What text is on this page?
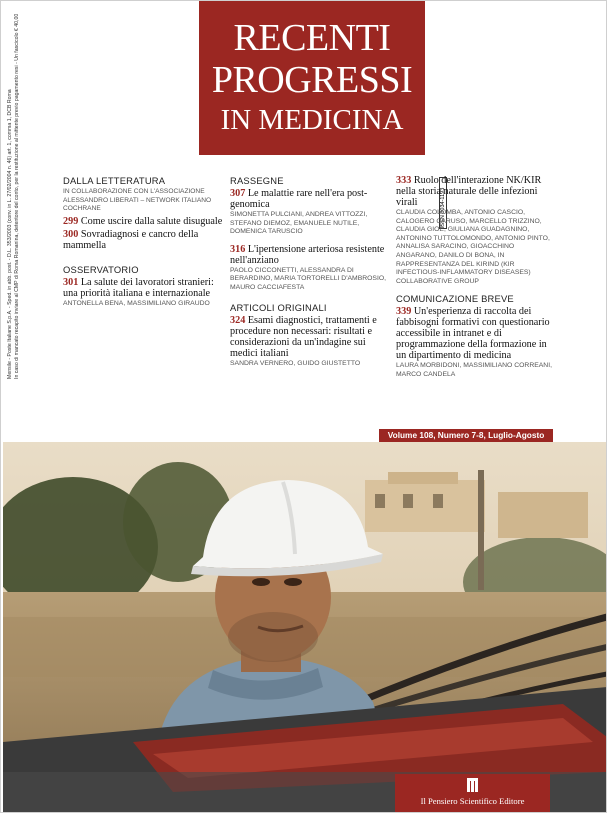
RECENTI
PROGRESSI
IN MEDICINA
Mensile - Poste Italiane S.p.A. - Sped. in abb. post. - D.L. 353/2003 (conv. in L. 27/02/2004 n. 46) art. 1, comma 1, DCB Roma In caso di mancato recapito inviare al CMP di Roma Romanina, detentore del conto, per la restituzione al mittente previo pagamento resi - Un fascicolo € 40,00	ISSN 0034-1193
DALLA LETTERATURA
IN COLLABORAZIONE CON L'ASSOCIAZIONE ALESSANDRO LIBERATI – NETWORK ITALIANO COCHRANE
299 Come uscire dalla salute disuguale
300 Sovradiagnosi e cancro della mammella
OSSERVATORIO
301 La salute dei lavoratori stranieri: una priorità italiana e internazionale
ANTONELLA BENA, MASSIMILIANO GIRAUDO
RASSEGNE
307 Le malattie rare nell'era post-genomica
SIMONETTA PULCIANI, ANDREA VITTOZZI, STEFANO DIEMOZ, EMANUELE NUTILE, DOMENICA TARUSCIO
316 L'ipertensione arteriosa resistente nell'anziano
PAOLO CICCONETTI, ALESSANDRA DI BERARDINO, MARIA TORTORELLI D'AMBROSIO, MAURO CACCIAFESTA
ARTICOLI ORIGINALI
324 Esami diagnostici, trattamenti e procedure non necessari: risultati e considerazioni da un'indagine sui medici italiani
SANDRA VERNERO, GUIDO GIUSTETTO
333 Ruolo dell'interazione NK/KIR nella storia naturale delle infezioni virali
CLAUDIA COLOMBA, ANTONIO CASCIO, CALOGERO CARUSO, MARCELLO TRIZZINO, CLAUDIA GIOÈ, GIULIANA GUADAGNINO, ANTONINO TUTTOLOMONDO, ANTONIO PINTO, ANNALISA SARACINO, GIOACCHINO ANGARANO, DANILO DI BONA, IN RAPPRESENTANZA DEL KIRIND (KIR INFECTIOUS-INFLAMMATORY DISEASES) COLLABORATIVE GROUP
COMUNICAZIONE BREVE
339 Un'esperienza di raccolta dei fabbisogni formativi con questionario accessibile in intranet e di programmazione della formazione in un dipartimento di medicina
LAURA MORBIDONI, MASSIMILIANO CORREANI, MARCO CANDELA
Volume 108, Numero 7-8, Luglio-Agosto
Il Pensiero Scientifico Editore
